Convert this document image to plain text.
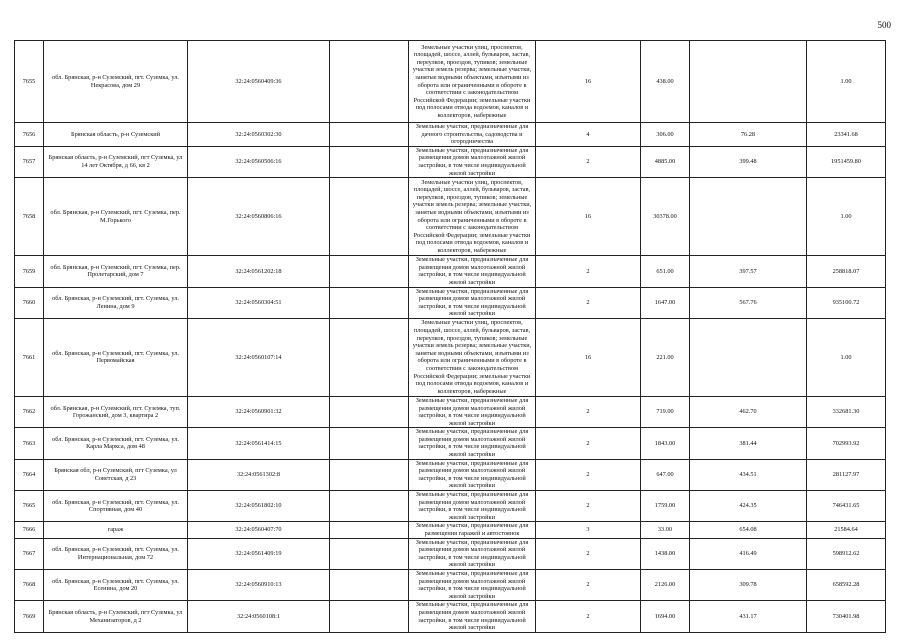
500
7655	обл. Брянская, р-н Суземский, пгт. Суземка, ул. Некрасова, дом 29	32:24:0560409:36		Земельные участки улиц, проспектов, площадей, шоссе, аллей, бульваров, застав, переулков, проездов, тупиков; земельные участки земель резерва; земельные участки, занятые водными объектами, изъятыми из оборота или ограниченными в обороте в соответствии с законодательством Российской Федерации; земельные участки под полосами отвода водоемов, каналов и коллекторов, набережные	16	438.00		1.00
7656	Брянская область, р-н Суземский	32:24:0560302:30		Земельные участки, предназначенные для дачного строительства, садоводства и огородничества	4	306.00	76.28	23341.68
7657	Брянская область, р-н Суземский, пгт Суземка, ул 14 лет Октября, д 66, кв 2	32:24:0560506:16		Земельные участки, предназначенные для размещения домов малоэтажной жилой застройки, в том числе индивидуальной жилой застройки	2	4885.00	399.48	1951459.80
7658	обл. Брянская, р-н Суземский, пгт. Суземка, пер. М.Горького	32:24:0560806:16		Земельные участки улиц, проспектов, площадей, шоссе, аллей, бульваров, застав, переулков, проездов, тупиков; земельные участки земель резерва; земельные участки, занятые водными объектами, изъятыми из оборота или ограниченными в обороте в соответствии с законодательством Российской Федерации; земельные участки под полосами отвода водоемов, каналов и коллекторов, набережные	16	30378.00		1.00
7659	обл. Брянская, р-н Суземский, пгт. Суземка, пер. Пролетарский, дом 7	32:24:0561202:18		Земельные участки, предназначенные для размещения домов малоэтажной жилой застройки, в том числе индивидуальной жилой застройки	2	651.00	397.57	258818.07
7660	обл. Брянская, р-н Суземский, пгт. Суземка, ул. Ленина, дом 9	32:24:0560304:51		Земельные участки, предназначенные для размещения домов малоэтажной жилой застройки, в том числе индивидуальной жилой застройки	2	1647.00	567.76	935100.72
7661	обл. Брянская, р-н Суземский, пгт. Суземка, ул. Первомайская	32:24:0560107:14		Земельные участки улиц, проспектов, площадей, шоссе, аллей, бульваров, застав, переулков, проездов, тупиков; земельные участки земель резерва; земельные участки, занятые водными объектами, изъятыми из оборота или ограниченными в обороте в соответствии с законодательством Российской Федерации; земельные участки под полосами отвода водоемов, каналов и коллекторов, набережные	16	221.00		1.00
7662	обл. Брянская, р-н Суземский, пгт. Суземка, туп. Горожанский, дом 3, квартира 2	32:24:0560901:32		Земельные участки, предназначенные для размещения домов малоэтажной жилой застройки, в том числе индивидуальной жилой застройки	2	719.00	462.70	332681.30
7663	обл. Брянская, р-н Суземский, пгт. Суземка, ул. Карла Маркса, дом 48	32:24:0561414:15		Земельные участки, предназначенные для размещения домов малоэтажной жилой застройки, в том числе индивидуальной жилой застройки	2	1843.00	381.44	702993.92
7664	Брянская обл, р-н Суземский, пгт Суземка, ул Советская, д 23	32:24:0561302:8		Земельные участки, предназначенные для размещения домов малоэтажной жилой застройки, в том числе индивидуальной жилой застройки	2	647.00	434.51	281127.97
7665	обл. Брянская, р-н Суземский, пгт. Суземка, ул. Спортивная, дом 40	32:24:0561802:10		Земельные участки, предназначенные для размещения домов малоэтажной жилой застройки, в том числе индивидуальной жилой застройки	2	1759.00	424.35	746431.65
7666	гараж	32:24:0560407:70		Земельные участки, предназначенные для размещения гаражей и автостоянок	3	33.00	654.08	21584.64
7667	обл. Брянская, р-н Суземский, пгт. Суземка, ул. Интернациональная, дом 72	32:24:0561409:19		Земельные участки, предназначенные для размещения домов малоэтажной жилой застройки, в том числе индивидуальной жилой застройки	2	1438.00	416.49	598912.62
7668	обл. Брянская, р-н Суземский, пгт. Суземка, ул. Есенина, дом 20	32:24:0560910:13		Земельные участки, предназначенные для размещения домов малоэтажной жилой застройки, в том числе индивидуальной жилой застройки	2	2126.00	309.78	658592.28
7669	Брянская область, р-н Суземский, пгт Суземка, ул Механизаторов, д 2	32:24:0560108:1		Земельные участки, предназначенные для размещения домов малоэтажной жилой застройки, в том числе индивидуальной жилой застройки	2	1694.00	431.17	730401.98
